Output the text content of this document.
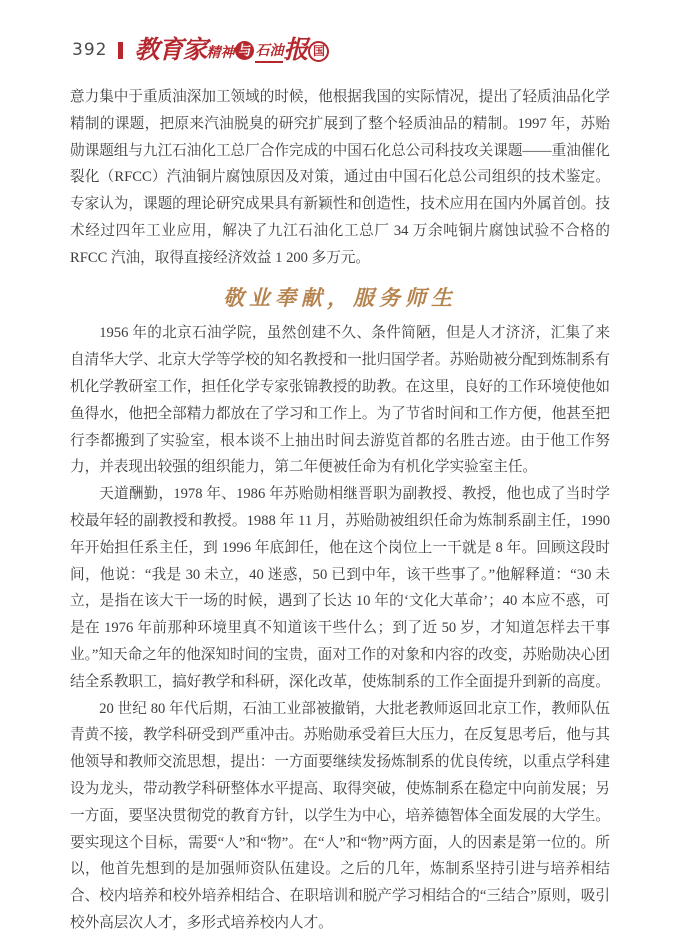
392 教育家 精神 与 石油 报 国

意力集中于重质油深加工领域的时候，他根据我国的实际情况，提出了轻质油品化学精制的课题，把原来汽油脱臭的研究扩展到了整个轻质油品的精制。1997 年，苏贻勋课题组与九江石油化工总厂合作完成的中国石化总公司科技攻关课题——重油催化裂化（RFCC）汽油铜片腐蚀原因及对策，通过由中国石化总公司组织的技术鉴定。专家认为，课题的理论研究成果具有新颖性和创造性，技术应用在国内外属首创。技术经过四年工业应用，解决了九江石油化工总厂 34 万余吨铜片腐蚀试验不合格的 RFCC 汽油，取得直接经济效益 1 200 多万元。

敬业奉献，服务师生

1956 年的北京石油学院，虽然创建不久、条件简陋，但是人才济济，汇集了来自清华大学、北京大学等学校的知名教授和一批归国学者。苏贻勋被分配到炼制系有机化学教研室工作，担任化学专家张锦教授的助教。在这里，良好的工作环境使他如鱼得水，他把全部精力都放在了学习和工作上。为了节省时间和工作方便，他甚至把行李都搬到了实验室，根本谈不上抽出时间去游览首都的名胜古迹。由于他工作努力，并表现出较强的组织能力，第二年便被任命为有机化学实验室主任。

天道酬勤，1978 年、1986 年苏贻勋相继晋职为副教授、教授，他也成了当时学校最年轻的副教授和教授。1988 年 11 月，苏贻勋被组织任命为炼制系副主任，1990 年开始担任系主任，到 1996 年底卸任，他在这个岗位上一干就是 8 年。回顾这段时间，他说：“我是 30 未立，40 迷惑，50 已到中年，该干些事了。”他解释道：“30 未立，是指在该大干一场的时候，遇到了长达 10 年的‘文化大革命’；40 本应不惑，可是在 1976 年前那种环境里真不知道该干些什么；到了近 50 岁，才知道怎样去干事业。”知天命之年的他深知时间的宝贵，面对工作的对象和内容的改变，苏贻勋决心团结全系教职工，搞好教学和科研，深化改革，使炼制系的工作全面提升到新的高度。

20 世纪 80 年代后期，石油工业部被撤销，大批老教师返回北京工作，教师队伍青黄不接，教学科研受到严重冲击。苏贻勋承受着巨大压力，在反复思考后，他与其他领导和教师交流思想，提出：一方面要继续发扬炼制系的优良传统，以重点学科建设为龙头，带动教学科研整体水平提高、取得突破，使炼制系在稳定中向前发展；另一方面，要坚决贯彻党的教育方针，以学生为中心，培养德智体全面发展的大学生。要实现这个目标，需要“人”和“物”。在“人”和“物”两方面，人的因素是第一位的。所以，他首先想到的是加强师资队伍建设。之后的几年，炼制系坚持引进与培养相结合、校内培养和校外培养相结合、在职培训和脱产学习相结合的“三结合”原则，吸引校外高层次人才，多形式培养校内人才。
